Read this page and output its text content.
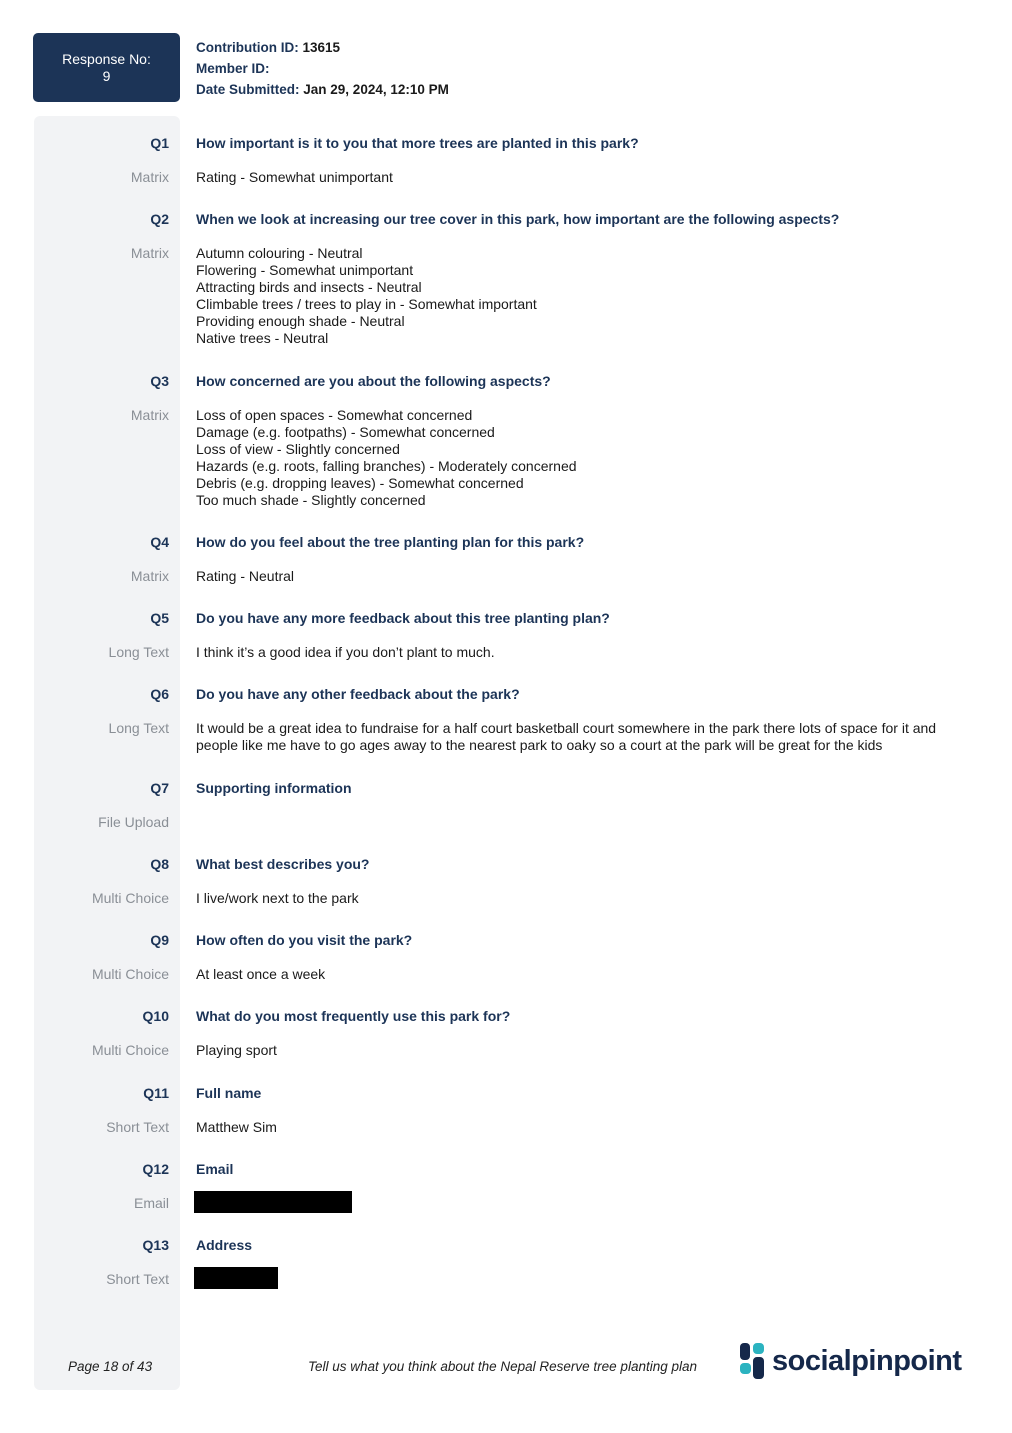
Response No:
9
Contribution ID: 13615
Member ID:
Date Submitted: Jan 29, 2024, 12:10 PM
Q1 How important is it to you that more trees are planted in this park?
Matrix Rating - Somewhat unimportant
Q2 When we look at increasing our tree cover in this park, how important are the following aspects?
Matrix Autumn colouring - Neutral
Flowering - Somewhat unimportant
Attracting birds and insects - Neutral
Climbable trees / trees to play in - Somewhat important
Providing enough shade - Neutral
Native trees - Neutral
Q3 How concerned are you about the following aspects?
Matrix Loss of open spaces - Somewhat concerned
Damage (e.g. footpaths) - Somewhat concerned
Loss of view - Slightly concerned
Hazards (e.g. roots, falling branches) - Moderately concerned
Debris (e.g. dropping leaves) - Somewhat concerned
Too much shade - Slightly concerned
Q4 How do you feel about the tree planting plan for this park?
Matrix Rating - Neutral
Q5 Do you have any more feedback about this tree planting plan?
Long Text I think it’s a good idea if you don’t plant to much.
Q6 Do you have any other feedback about the park?
Long Text It would be a great idea to fundraise for a half court basketball court somewhere in the park there lots of space for it and people like me have to go ages away to the nearest park to oaky so a court at the park will be great for the kids
Q7 Supporting information
File Upload
Q8 What best describes you?
Multi Choice I live/work next to the park
Q9 How often do you visit the park?
Multi Choice At least once a week
Q10 What do you most frequently use this park for?
Multi Choice Playing sport
Q11 Full name
Short Text Matthew Sim
Q12 Email
Email
Q13 Address
Short Text
Page 18 of 43	Tell us what you think about the Nepal Reserve tree planting plan	socialpinpoint
